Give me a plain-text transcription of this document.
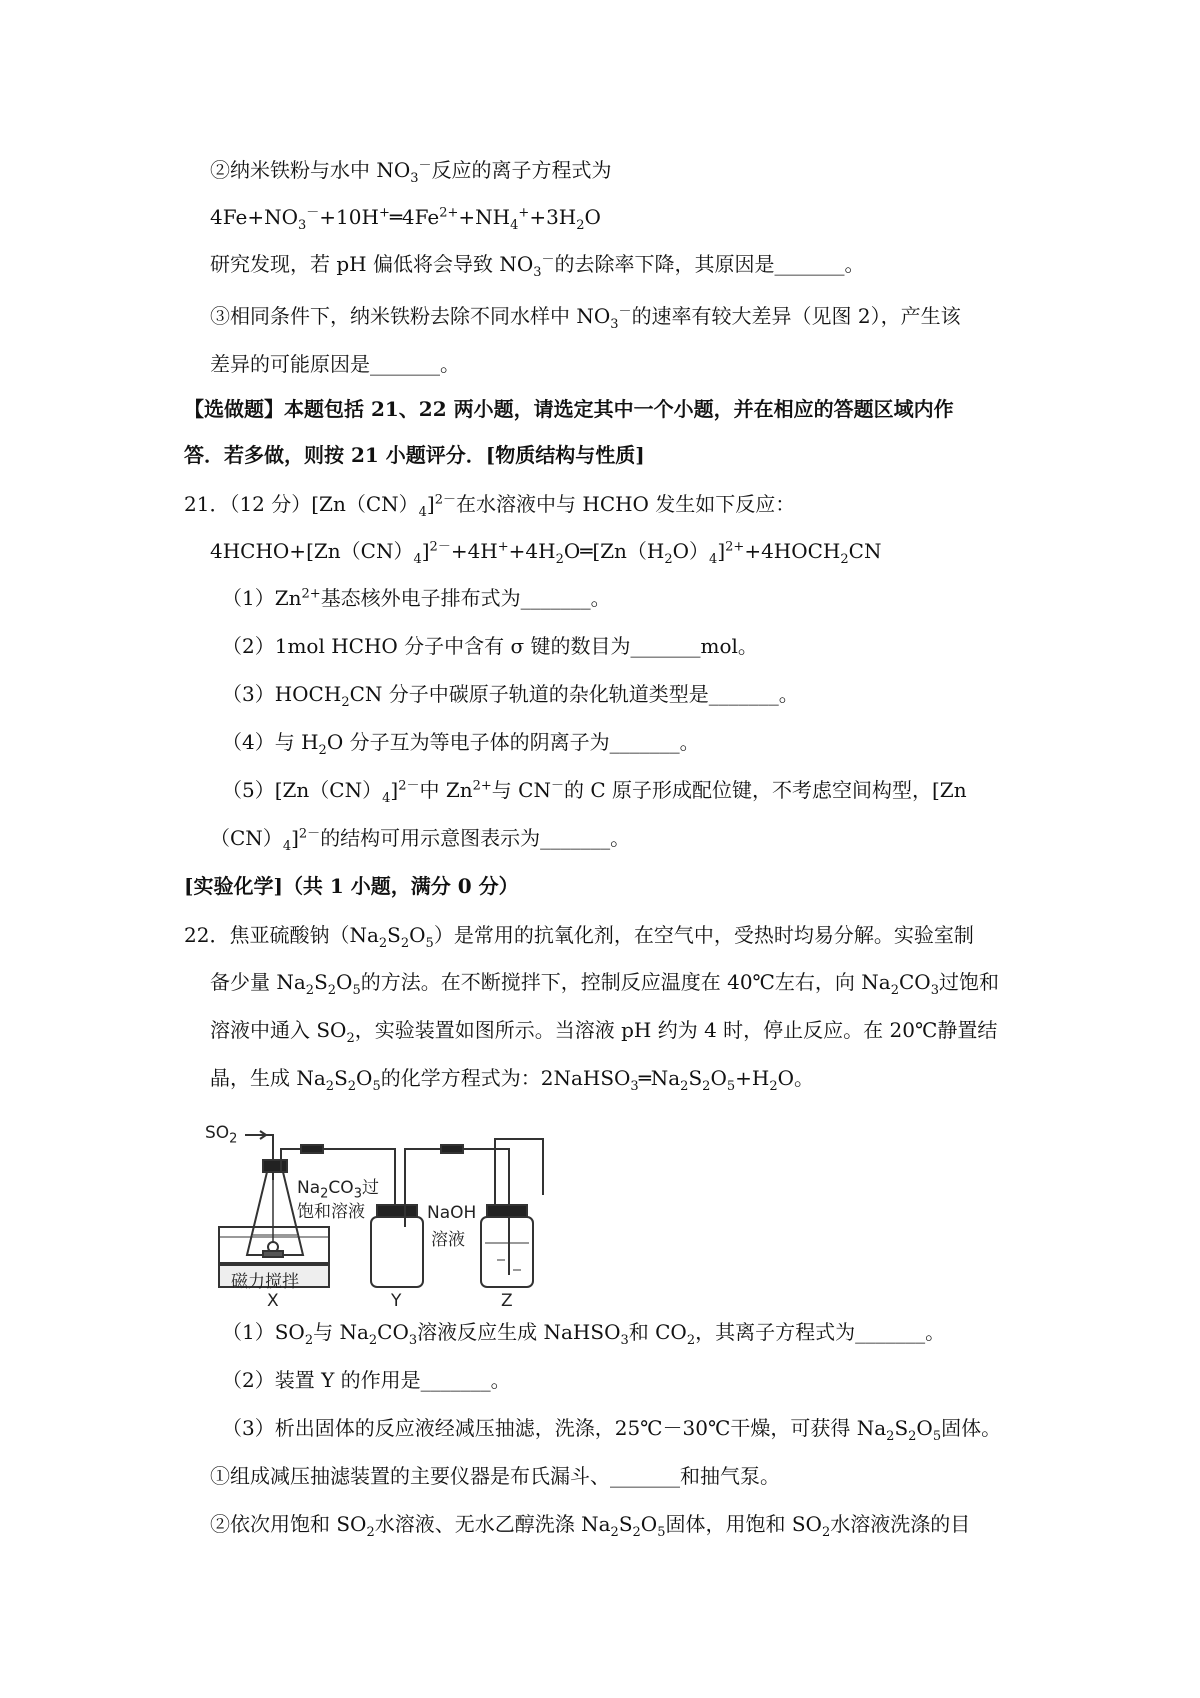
②纳米铁粉与水中 $NO_3^-$反应的离子方程式为
$4Fe+NO_3^-+10H^+═4Fe^{2+}+NH_4^++3H_2O$
研究发现，若 pH 偏低将会导致 $NO_3^-$的去除率下降，其原因是_______。
③相同条件下，纳米铁粉去除不同水样中 $NO_3^-$的速率有较大差异（见图 2），产生该
差异的可能原因是_______。
【选做题】本题包括 21、22 两小题，请选定其中一个小题，并在相应的答题区域内作
答．若多做，则按 21 小题评分．[物质结构与性质]
21．（12 分）$[Zn(CN)_4]^{2-}$在水溶液中与 HCHO 发生如下反应：
$4HCHO+[Zn(CN)_4]^{2-}+4H^++4H_2O═[Zn(H_2O)_4]^{2+}+4HOCH_2CN$
$(1)Zn^{2+}$基态核外电子排布式为_______。
（2）1mol HCHO 分子中含有 σ 键的数目为_______mol。
$(3)HOCH_2CN$ 分子中碳原子轨道的杂化轨道类型是_______。
（4）与 $H_2O$ 分子互为等电子体的阴离子为_______。
$(5)[Zn(CN)_4]^{2-}$中 $Zn^{2+}$与 CN－的 C 原子形成配位键，不考虑空间构型，[Zn
$(CN)_4]^{2-}$的结构可用示意图表示为_______。
[实验化学]（共 1 小题，满分 0 分）
22．焦亚硫酸钠$(Na_2S_2O_5)$是常用的抗氧化剂，在空气中，受热时均易分解。实验室制
备少量 $Na_2S_2O_5$的方法。在不断搅拌下，控制反应温度在 40℃左右，向 $Na_2CO_3$过饱和
溶液中通入 $SO_2$，实验装置如图所示。当溶液 pH 约为 4 时，停止反应。在 20℃静置结
晶，生成 $Na_2S_2O_5$的化学方程式为：$2NaHSO_3═Na_2S_2O_5+H_2O$。
$SO_2$
$Na_2CO_3$过
饱和溶液	NaOH
溶液
磁力搅拌
X	Y	Z
$(1)SO_2$与 $Na_2CO_3$溶液反应生成 NaHSO$_3$和 $CO_2$，其离子方程式为_______。
（2）装置 Y 的作用是_______。
（3）析出固体的反应液经减压抽滤，洗涤，25℃－30℃干燥，可获得 $Na_2S_2O_5$固体。
①组成减压抽滤装置的主要仪器是布氏漏斗、_______和抽气泵。
②依次用饱和 $SO_2$水溶液、无水乙醇洗涤 $Na_2S_2O_5$固体，用饱和 $SO_2$水溶液洗涤的目
